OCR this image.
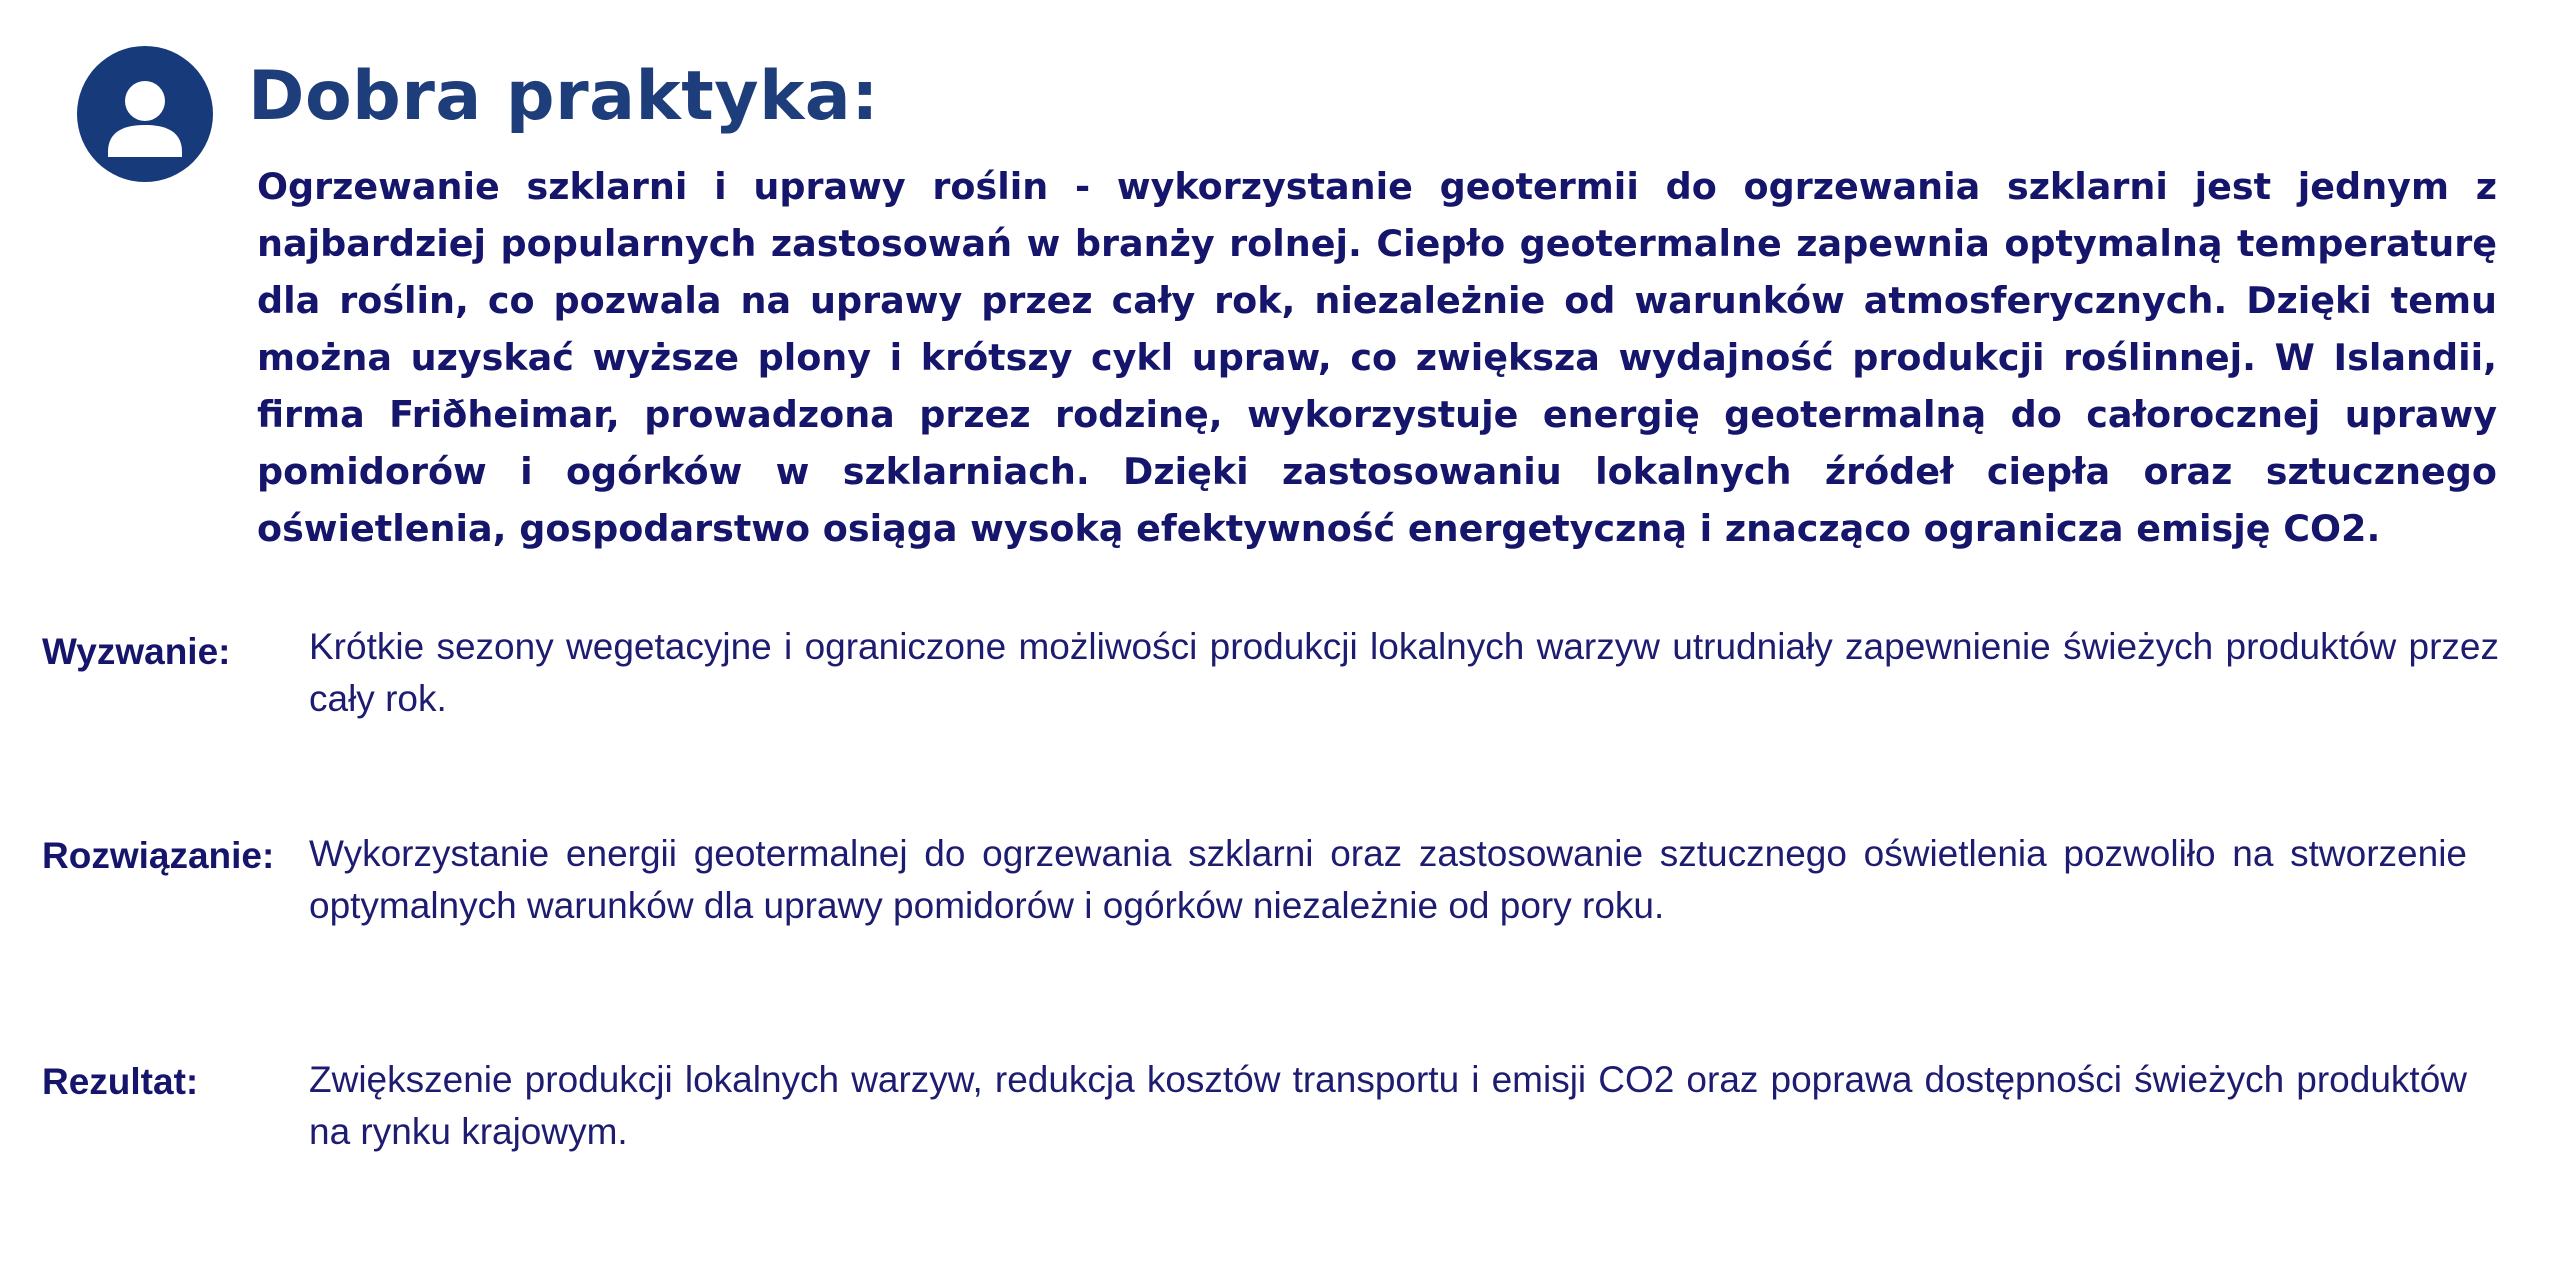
Dobra praktyka:

Ogrzewanie szklarni i uprawy roślin - wykorzystanie geotermii do ogrzewania szklarni jest jednym z najbardziej popularnych zastosowań w branży rolnej. Ciepło geotermalne zapewnia optymalną temperaturę dla roślin, co pozwala na uprawy przez cały rok, niezależnie od warunków atmosferycznych. Dzięki temu można uzyskać wyższe plony i krótszy cykl upraw, co zwiększa wydajność produkcji roślinnej. W Islandii, firma Friðheimar, prowadzona przez rodzinę, wykorzystuje energię geotermalną do całorocznej uprawy pomidorów i ogórków w szklarniach. Dzięki zastosowaniu lokalnych źródeł ciepła oraz sztucznego oświetlenia, gospodarstwo osiąga wysoką efektywność energetyczną i znacząco ogranicza emisję CO2.

Wyzwanie: Krótkie sezony wegetacyjne i ograniczone możliwości produkcji lokalnych warzyw utrudniały zapewnienie świeżych produktów przez cały rok.

Rozwiązanie: Wykorzystanie energii geotermalnej do ogrzewania szklarni oraz zastosowanie sztucznego oświetlenia pozwoliło na stworzenie optymalnych warunków dla uprawy pomidorów i ogórków niezależnie od pory roku.

Rezultat:	Zwiększenie produkcji lokalnych warzyw, redukcja kosztów transportu i emisji CO2 oraz poprawa dostępności świeżych produktów na rynku krajowym.
